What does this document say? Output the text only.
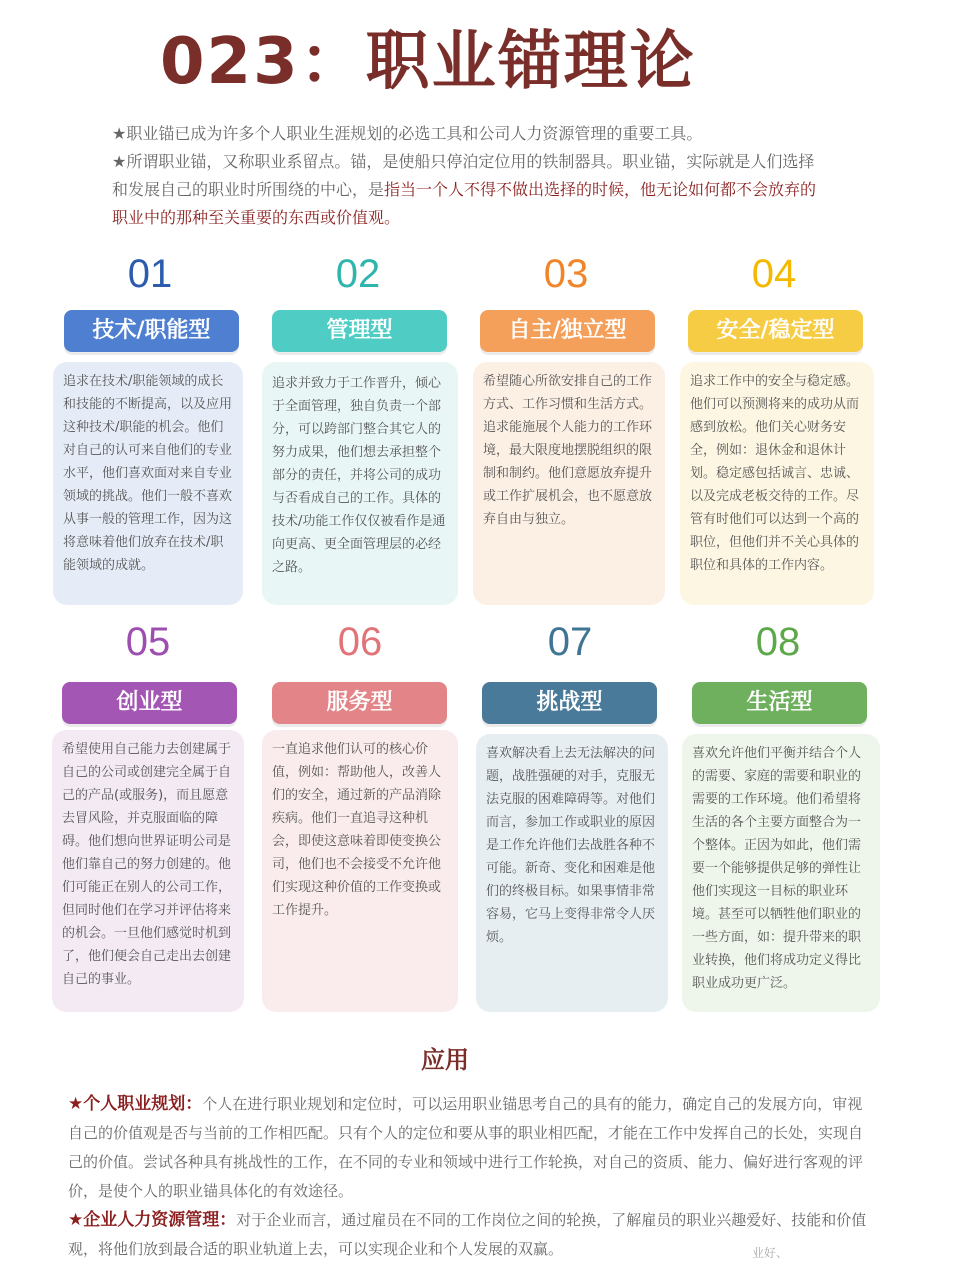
023：职业锚理论

★职业锚已成为许多个人职业生涯规划的必选工具和公司人力资源管理的重要工具。

★所谓职业锚，又称职业系留点。锚，是使船只停泊定位用的铁制器具。职业锚，实际就是人们选择和发展自己的职业时所围绕的中心，是指当一个人不得不做出选择的时候，他无论如何都不会放弃的职业中的那种至关重要的东西或价值观。

01
技术/职能型
追求在技术/职能领域的成长和技能的不断提高，以及应用这种技术/职能的机会。他们对自己的认可来自他们的专业水平，他们喜欢面对来自专业领域的挑战。他们一般不喜欢从事一般的管理工作，因为这将意味着他们放弃在技术/职能领域的成就。
02
管理型
追求并致力于工作晋升，倾心于全面管理，独自负责一个部分，可以跨部门整合其它人的努力成果，他们想去承担整个部分的责任，并将公司的成功与否看成自己的工作。具体的技术/功能工作仅仅被看作是通向更高、更全面管理层的必经之路。
03
自主/独立型
希望随心所欲安排自己的工作方式、工作习惯和生活方式。追求能施展个人能力的工作环境，最大限度地摆脱组织的限制和制约。他们意愿放弃提升或工作扩展机会，也不愿意放弃自由与独立。
04
安全/稳定型
追求工作中的安全与稳定感。他们可以预测将来的成功从而感到放松。他们关心财务安全，例如：退休金和退休计划。稳定感包括诚言、忠诚、以及完成老板交待的工作。尽管有时他们可以达到一个高的职位，但他们并不关心具体的职位和具体的工作内容。
05
创业型
希望使用自己能力去创建属于自己的公司或创建完全属于自己的产品(或服务)，而且愿意去冒风险，并克服面临的障碍。他们想向世界证明公司是他们靠自己的努力创建的。他们可能正在别人的公司工作，但同时他们在学习并评估将来的机会。一旦他们感觉时机到了，他们便会自己走出去创建自己的事业。
06
服务型
一直追求他们认可的核心价值，例如：帮助他人，改善人们的安全，通过新的产品消除疾病。他们一直追寻这种机会，即使这意味着即使变换公司，他们也不会接受不允许他们实现这种价值的工作变换或工作提升。
07
挑战型
喜欢解决看上去无法解决的问题，战胜强硬的对手，克服无法克服的困难障碍等。对他们而言，参加工作或职业的原因是工作允许他们去战胜各种不可能。新奇、变化和困难是他们的终极目标。如果事情非常容易，它马上变得非常令人厌烦。
08
生活型
喜欢允许他们平衡并结合个人的需要、家庭的需要和职业的需要的工作环境。他们希望将生活的各个主要方面整合为一个整体。正因为如此，他们需要一个能够提供足够的弹性让他们实现这一目标的职业环境。甚至可以牺牲他们职业的一些方面，如：提升带来的职业转换，他们将成功定义得比职业成功更广泛。
应用
★个人职业规划：个人在进行职业规划和定位时，可以运用职业锚思考自己的具有的能力，确定自己的发展方向，审视自己的价值观是否与当前的工作相匹配。只有个人的定位和要从事的职业相匹配，才能在工作中发挥自己的长处，实现自己的价值。尝试各种具有挑战性的工作，在不同的专业和领域中进行工作轮换，对自己的资质、能力、偏好进行客观的评价，是使个人的职业锚具体化的有效途径。
★企业人力资源管理：对于企业而言，通过雇员在不同的工作岗位之间的轮换，了解雇员的职业兴趣爱好、技能和价值观，将他们放到最合适的职业轨道上去，可以实现企业和个人发展的双赢。	业好、
